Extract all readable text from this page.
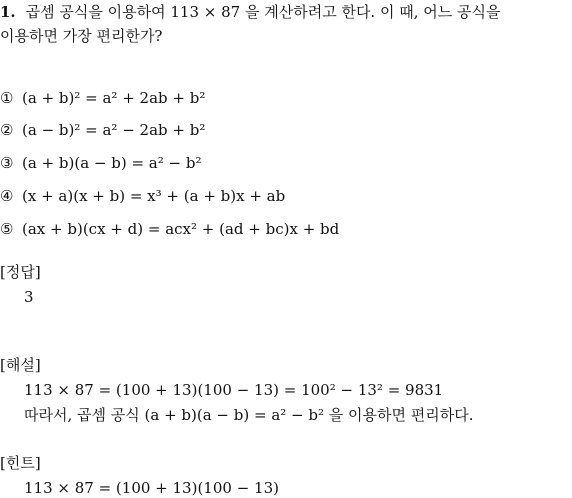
1. 곱셈 공식을 이용하여 113 × 87 을 계산하려고 한다. 이 때, 어느 공식을
이용하면 가장 편리한가?
① (a + b)² = a² + 2ab + b²
② (a − b)² = a² − 2ab + b²
③ (a + b)(a − b) = a² − b²
④ (x + a)(x + b) = x³ + (a + b)x + ab
⑤ (ax + b)(cx + d) = acx² + (ad + bc)x + bd
[정답]
3
[해설]
113 × 87 = (100 + 13)(100 − 13) = 100² − 13² = 9831
따라서, 곱셈 공식 (a + b)(a − b) = a² − b² 을 이용하면 편리하다.
[힌트]
113 × 87 = (100 + 13)(100 − 13)
